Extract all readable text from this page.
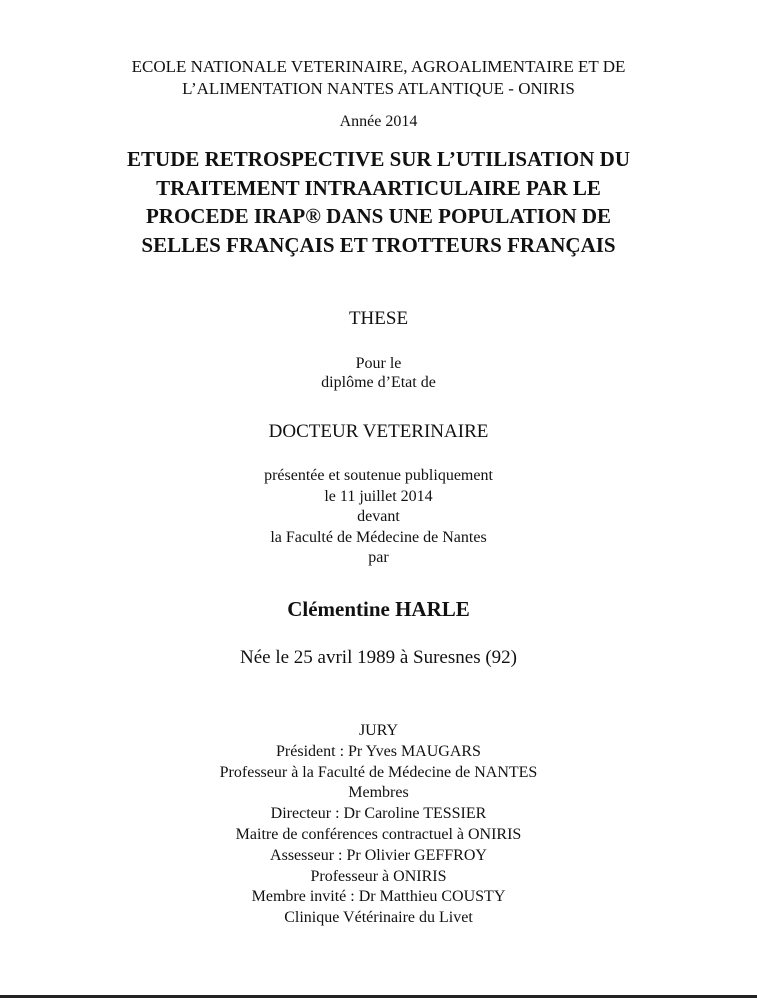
ECOLE NATIONALE VETERINAIRE, AGROALIMENTAIRE ET DE
L’ALIMENTATION NANTES ATLANTIQUE - ONIRIS
Année 2014
ETUDE RETROSPECTIVE SUR L’UTILISATION DU
TRAITEMENT INTRAARTICULAIRE PAR LE
PROCEDE IRAP® DANS UNE POPULATION DE
SELLES FRANÇAIS ET TROTTEURS FRANÇAIS
THESE
Pour le
diplôme d’Etat de
DOCTEUR VETERINAIRE
présentée et soutenue publiquement
le 11 juillet 2014
devant
la Faculté de Médecine de Nantes
par
Clémentine HARLE
Née le 25 avril 1989 à Suresnes (92)
JURY
Président : Pr Yves MAUGARS
Professeur à la Faculté de Médecine de NANTES
Membres
Directeur : Dr Caroline TESSIER
Maitre de conférences contractuel à ONIRIS
Assesseur : Pr Olivier GEFFROY
Professeur à ONIRIS
Membre invité : Dr Matthieu COUSTY
Clinique Vétérinaire du Livet
